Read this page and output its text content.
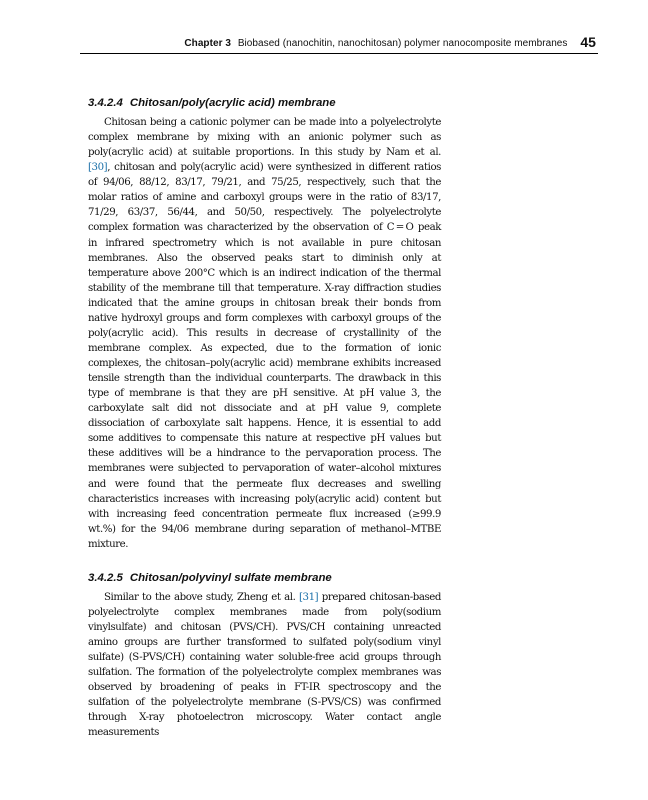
Chapter 3 Biobased (nanochitin, nanochitosan) polymer nanocomposite membranes 45
3.4.2.4 Chitosan/poly(acrylic acid) membrane

Chitosan being a cationic polymer can be made into a polyelectrolyte complex membrane by mixing with an anionic polymer such as poly(acrylic acid) at suitable proportions. In this study by Nam et al. [30], chitosan and poly(acrylic acid) were synthesized in different ratios of 94/06, 88/12, 83/17, 79/21, and 75/25, respectively, such that the molar ratios of amine and carboxyl groups were in the ratio of 83/17, 71/29, 63/37, 56/44, and 50/50, respectively. The polyelectrolyte complex formation was characterized by the observation of C = O peak in infrared spectrometry which is not available in pure chitosan membranes. Also the observed peaks start to diminish only at temperature above 200°C which is an indirect indication of the thermal stability of the membrane till that temperature. X-ray diffraction studies indicated that the amine groups in chitosan break their bonds from native hydroxyl groups and form complexes with carboxyl groups of the poly(acrylic acid). This results in decrease of crystallinity of the membrane complex. As expected, due to the formation of ionic complexes, the chitosan–poly(acrylic acid) membrane exhibits increased tensile strength than the individual counterparts. The drawback in this type of membrane is that they are pH sensitive. At pH value 3, the carboxylate salt did not dissociate and at pH value 9, complete dissociation of carboxylate salt happens. Hence, it is essential to add some additives to compensate this nature at respective pH values but these additives will be a hindrance to the pervaporation process. The membranes were subjected to pervaporation of water–alcohol mixtures and were found that the permeate flux decreases and swelling characteristics increases with increasing poly(acrylic acid) content but with increasing feed concentration permeate flux increased (≥99.9 wt.%) for the 94/06 membrane during separation of methanol–MTBE mixture.

3.4.2.5 Chitosan/polyvinyl sulfate membrane

Similar to the above study, Zheng et al. [31] prepared chitosan-based polyelectrolyte complex membranes made from poly(sodium vinylsulfate) and chitosan (PVS/CH). PVS/CH containing unreacted amino groups are further transformed to sulfated poly(sodium vinyl sulfate) (S-PVS/CH) containing water soluble-free acid groups through sulfation. The formation of the polyelectrolyte complex membranes was observed by broadening of peaks in FT-IR spectroscopy and the sulfation of the polyelectrolyte membrane (S-PVS/CS) was confirmed through X-ray photoelectron microscopy. Water contact angle measurements
